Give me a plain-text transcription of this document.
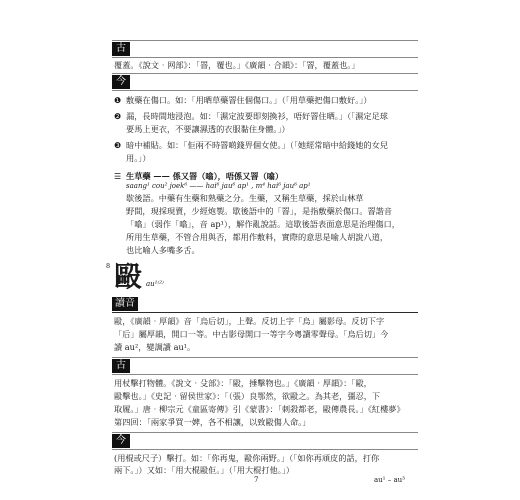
古
覆蓋。《說文‧网部》：「罯，覆也。」《廣韻‧合韻》：「罯，覆蓋也。」
今
❶ 敷藥在傷口。如：「用晒草藥罯住個傷口。」（「用草藥把傷口敷好。」）
❷ 漏，長時間地浸泡。如：「濕定波要即刻換衫，唔好罯住晒。」（「濕定足球
要馬上更衣，不要讓濕透的衣服黏住身體。」）
❸ 暗中補貼。如：「佢兩不時罯啲錢畀個女使。」（「她經常暗中給錢她的女兒
用。」）
☰ 生草藥 —— 係又罯（噏），唔係又罯（噏）
saang¹ cou² joek⁶ —— hai⁶ jau⁶ ap¹ , m⁴ hai⁶ jau⁶ ap¹
歇後語。中藥有生藥和熟藥之分。生藥，又稱生草藥，採於山林草
野間，現採現賣，少經炮製。歇後語中的「罯」，是指敷藥於傷口。罯諧音
「噏」（弱作「噏」，音 ap¹），解作亂說話。這歇後語表面意思是治理傷口，
所用生草藥，不管合用與否，都用作敷料，實際的意思是喻人胡說八道，
也比喻人多嘴多舌。
8 毆 au¹⁽²⁾
讀音
毆，《廣韻‧厚韻》音「烏后切」，上聲。反切上字「烏」屬影母。反切下字
「后」屬厚韻，開口一等。中古影母開口一等字今粵讀零聲母。「烏后切」今
讀 au²，變調讀 au¹。
古
用杖擊打物體。《說文‧殳部》：「毆，捶擊物也。」《廣韻‧厚韻》：「毆，
毆擊也。」《史記‧留侯世家》：「（張）良鄂然，欲毆之。為其老，彊忍，下
取履。」唐‧柳宗元《童區寄傳》引《蒙書》：「刺殺都老，毆傳農長。」《紅樓夢》
第四回：「兩家爭買一婢，各不相讓，以致毆傷人命。」
今
(用棍或尺子）擊打。如：「你再鬼，毆你兩野。」（「如你再頑皮的話，打你
兩下。」）又如：「用大棍毆佢。」（「用大棍打他。」）
7	au¹ – au³
